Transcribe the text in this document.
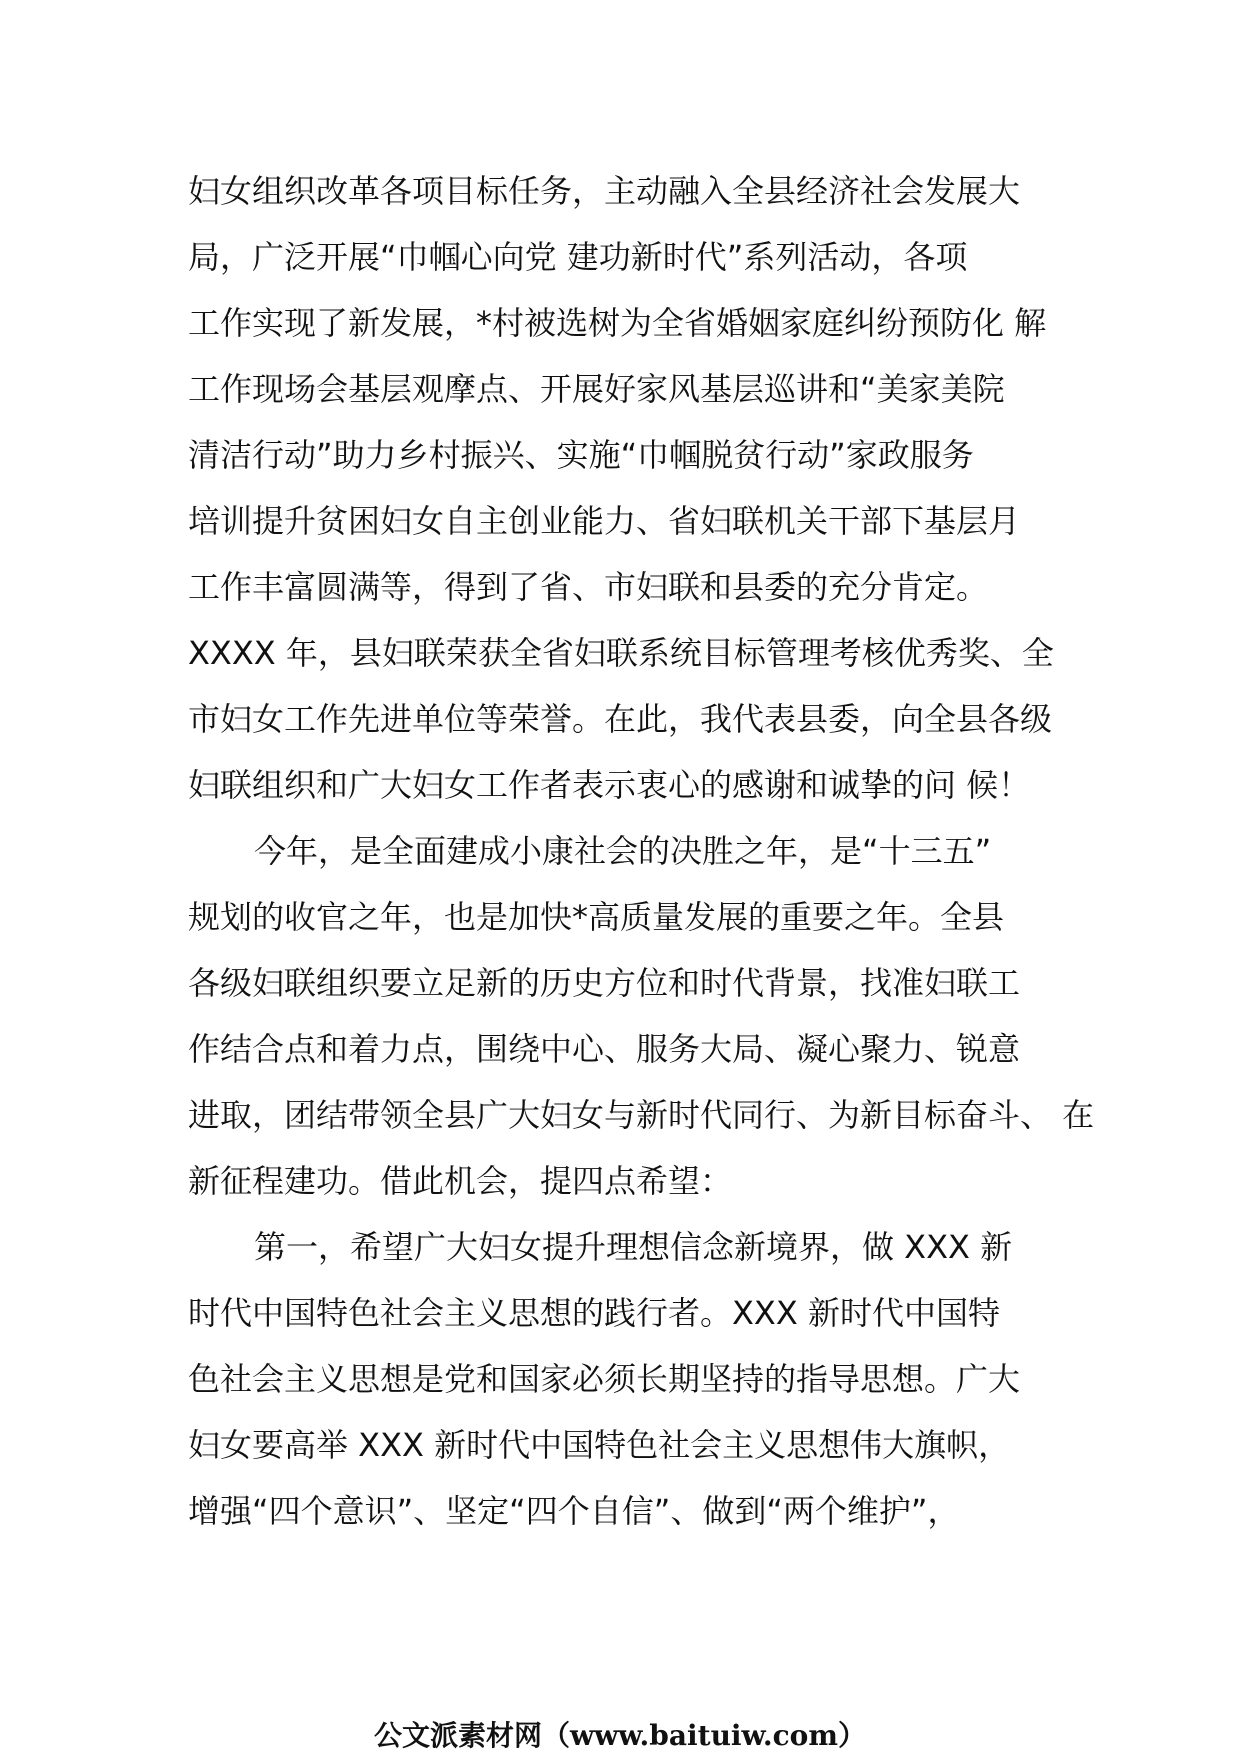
妇女组织改革各项目标任务，主动融入全县经济社会发展大
局，广泛开展“巾帼心向党 建功新时代”系列活动，各项
工作实现了新发展，*村被选树为全省婚姻家庭纠纷预防化 解
工作现场会基层观摩点、开展好家风基层巡讲和“美家美院
清洁行动”助力乡村振兴、实施“巾帼脱贫行动”家政服务
培训提升贫困妇女自主创业能力、省妇联机关干部下基层月
工作丰富圆满等，得到了省、市妇联和县委的充分肯定。
XXXX 年，县妇联荣获全省妇联系统目标管理考核优秀奖、全
市妇女工作先进单位等荣誉。在此，我代表县委，向全县各级
妇联组织和广大妇女工作者表示衷心的感谢和诚挚的问 候！
今年，是全面建成小康社会的决胜之年，是“十三五”
规划的收官之年，也是加快*高质量发展的重要之年。全县
各级妇联组织要立足新的历史方位和时代背景，找准妇联工
作结合点和着力点，围绕中心、服务大局、凝心聚力、锐意
进取，团结带领全县广大妇女与新时代同行、为新目标奋斗、 在
新征程建功。借此机会，提四点希望：
第一，希望广大妇女提升理想信念新境界，做 XXX 新
时代中国特色社会主义思想的践行者。XXX 新时代中国特
色社会主义思想是党和国家必须长期坚持的指导思想。广大
妇女要高举 XXX 新时代中国特色社会主义思想伟大旗帜，
增强“四个意识”、坚定“四个自信”、做到“两个维护”，
公文派素材网（www.baituiw.com）
